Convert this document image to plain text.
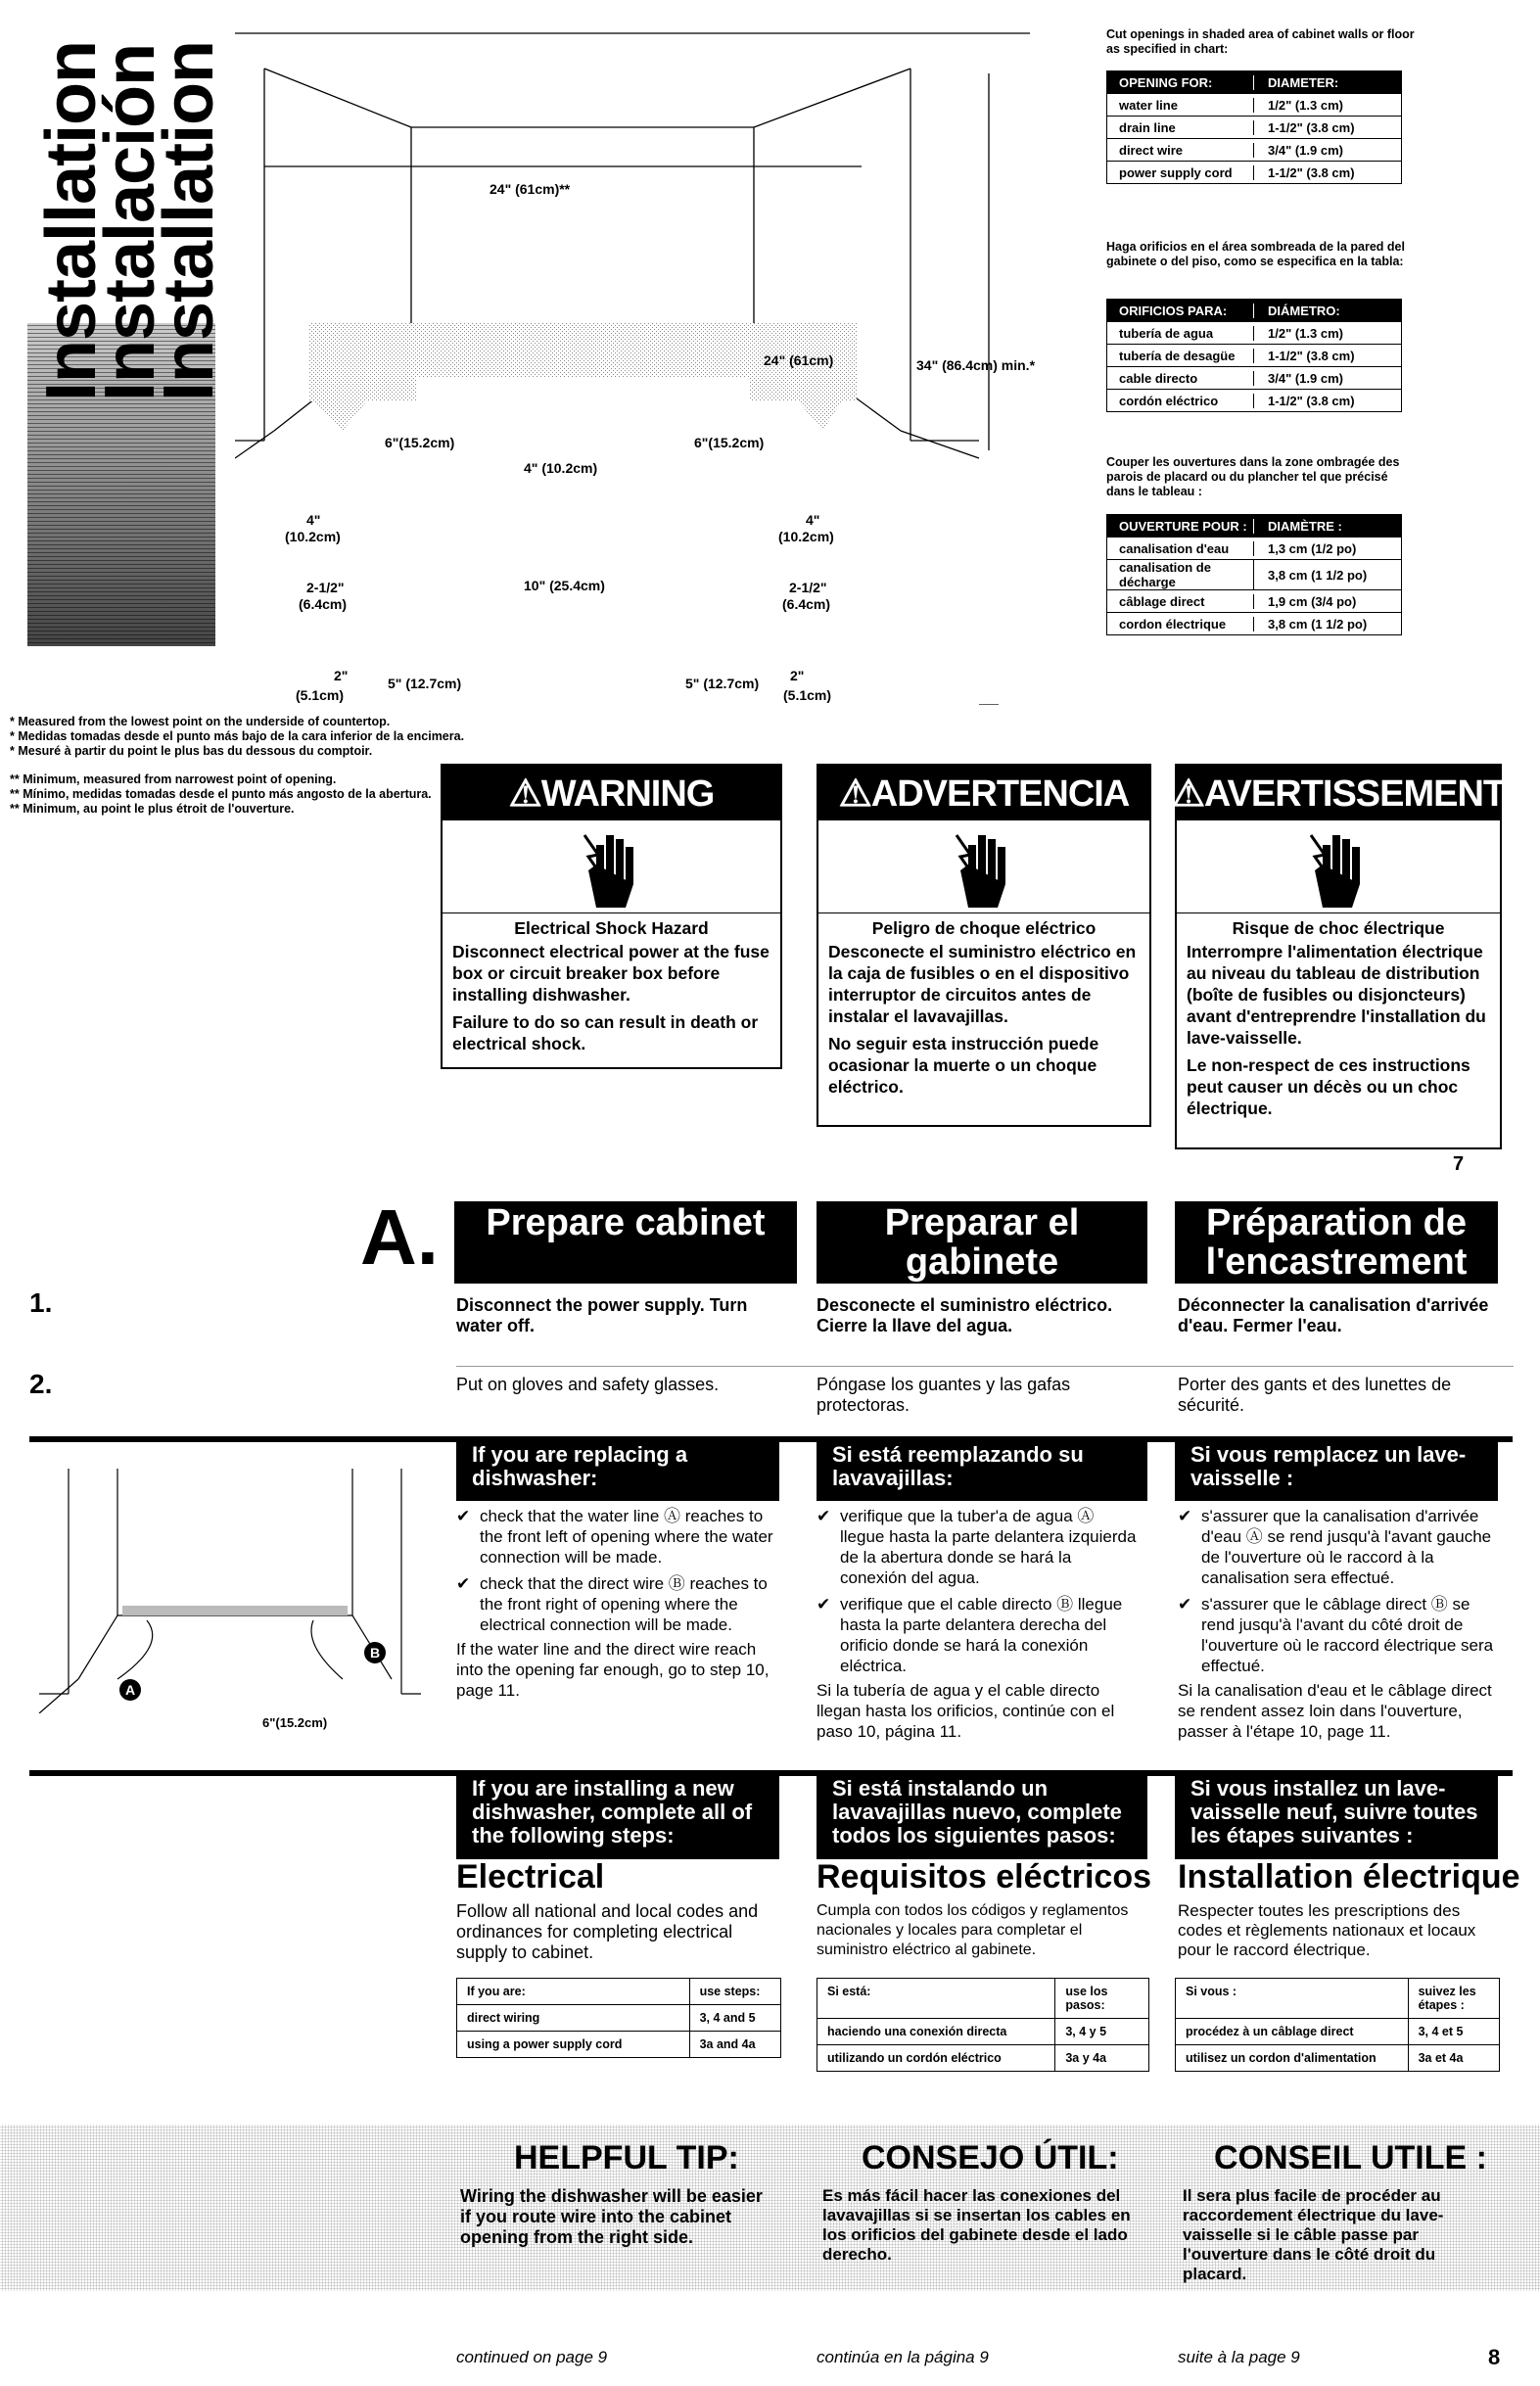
Installation
Instalación
Installation	24" (61cm)**
24" (61cm)	34" (86.4cm) min.*
6"(15.2cm)	6"(15.2cm)
4" (10.2cm)
4"
(10.2cm)
4"
(10.2cm)
10" (25.4cm)
2-1/2"
(6.4cm)
2-1/2"
(6.4cm)
2"
(5.1cm)
5" (12.7cm)	5" (12.7cm) 2"
(5.1cm)
* Measured from the lowest point on the underside of countertop.
* Medidas tomadas desde el punto más bajo de la cara inferior de la encimera.
* Mesuré à partir du point le plus bas du dessous du comptoir.
** Minimum, measured from narrowest point of opening.
** Mínimo, medidas tomadas desde el punto más angosto de la abertura.
** Minimum, au point le plus étroit de l'ouverture.
Cut openings in shaded area of cabinet walls or floor as specified in chart:
OPENING FOR:	DIAMETER:
water line	1/2" (1.3 cm)
drain line	1-1/2" (3.8 cm)
direct wire	3/4" (1.9 cm)
power supply cord	1-1/2" (3.8 cm)
Haga orificios en el área sombreada de la pared del gabinete o del piso, como se especifica en la tabla:
ORIFICIOS PARA:	DIÁMETRO:
tubería de agua	1/2" (1.3 cm)
tubería de desagüe	1-1/2" (3.8 cm)
cable directo	3/4" (1.9 cm)
cordón eléctrico	1-1/2" (3.8 cm)
Couper les ouvertures dans la zone ombragée des parois de placard ou du plancher tel que précisé dans le tableau :
OUVERTURE POUR :	DIAMÈTRE :
canalisation d'eau	1,3 cm (1/2 po)
canalisation de décharge	3,8 cm (1 1/2 po)
câblage direct	1,9 cm (3/4 po)
cordon électrique	3,8 cm (1 1/2 po)
⚠WARNING
Electrical Shock Hazard
Disconnect electrical power at the fuse box or circuit breaker box before installing dishwasher.
Failure to do so can result in death or electrical shock.
⚠ADVERTENCIA
Peligro de choque eléctrico
Desconecte el suministro eléctrico en la caja de fusibles o en el dispositivo interruptor de circuitos antes de instalar el lavavajillas.
No seguir esta instrucción puede ocasionar la muerte o un choque eléctrico.
⚠AVERTISSEMENT
Risque de choc électrique
Interrompre l'alimentation électrique au niveau du tableau de distribution (boîte de fusibles ou disjoncteurs) avant d'entreprendre l'installation du lave-vaisselle.
Le non-respect de ces instructions peut causer un décès ou un choc électrique.
7
A.	Prepare cabinet	Preparar el gabinete
Préparation de l'encastrement
1.	Disconnect the power supply. Turn water off.
Desconecte el suministro eléctrico. Cierre la llave del agua.
Déconnecter la canalisation d'arrivée d'eau. Fermer l'eau.
2.	Put on gloves and safety glasses.	Póngase los guantes y las gafas protectoras.
Porter des gants et des lunettes de sécurité.
If you are replacing a dishwasher:
Si está reemplazando su lavavajillas:
Si vous remplacez un lave-vaisselle :
A
B
6"(15.2cm)
✔ check that the water line Ⓐ reaches to the front left of opening where the water connection will be made.
✔ check that the direct wire Ⓑ reaches to the front right of opening where the electrical connection will be made.
If the water line and the direct wire reach into the opening far enough, go to step 10, page 11.
✔ verifique que la tuber'a de agua Ⓐ llegue hasta la parte delantera izquierda de la abertura donde se hará la conexión del agua.
✔ verifique que el cable directo Ⓑ llegue hasta la parte delantera derecha del orificio donde se hará la conexión eléctrica.
Si la tubería de agua y el cable directo llegan hasta los orificios, continúe con el paso 10, página 11.
✔ s'assurer que la canalisation d'arrivée d'eau Ⓐ se rend jusqu'à l'avant gauche de l'ouverture où le raccord à la canalisation sera effectué.
✔ s'assurer que le câblage direct Ⓑ se rend jusqu'à l'avant du côté droit de l'ouverture où le raccord électrique sera effectué.
Si la canalisation d'eau et le câblage direct se rendent assez loin dans l'ouverture, passer à l'étape 10, page 11.
If you are installing a new dishwasher, complete all of the following steps:
Si está instalando un lavavajillas nuevo, complete todos los siguientes pasos:
Si vous installez un lave-vaisselle neuf, suivre toutes les étapes suivantes :
Electrical	Requisitos eléctricos Installation électrique
Follow all national and local codes and ordinances for completing electrical supply to cabinet.
Cumpla con todos los códigos y reglamentos nacionales y locales para completar el suministro eléctrico al gabinete.
Respecter toutes les prescriptions des codes et règlements nationaux et locaux pour le raccord électrique.
If you are:	use steps:
direct wiring	3, 4 and 5
using a power supply cord	3a and 4a
Si está:	use los pasos:
haciendo una conexión directa	3, 4 y 5
utilizando un cordón eléctrico	3a y 4a
Si vous :	suivez les étapes :
procédez à un câblage direct	3, 4 et 5
utilisez un cordon d'alimentation	3a et 4a
HELPFUL TIP:	CONSEJO ÚTIL:	CONSEIL UTILE :
Wiring the dishwasher will be easier if you route wire into the cabinet opening from the right side.
Es más fácil hacer las conexiones del lavavajillas si se insertan los cables en los orificios del gabinete desde el lado derecho.
Il sera plus facile de procéder au raccordement électrique du lave-vaisselle si le câble passe par l'ouverture dans le côté droit du placard.
continued on page 9	continúa en la página 9	suite à la page 9	8
